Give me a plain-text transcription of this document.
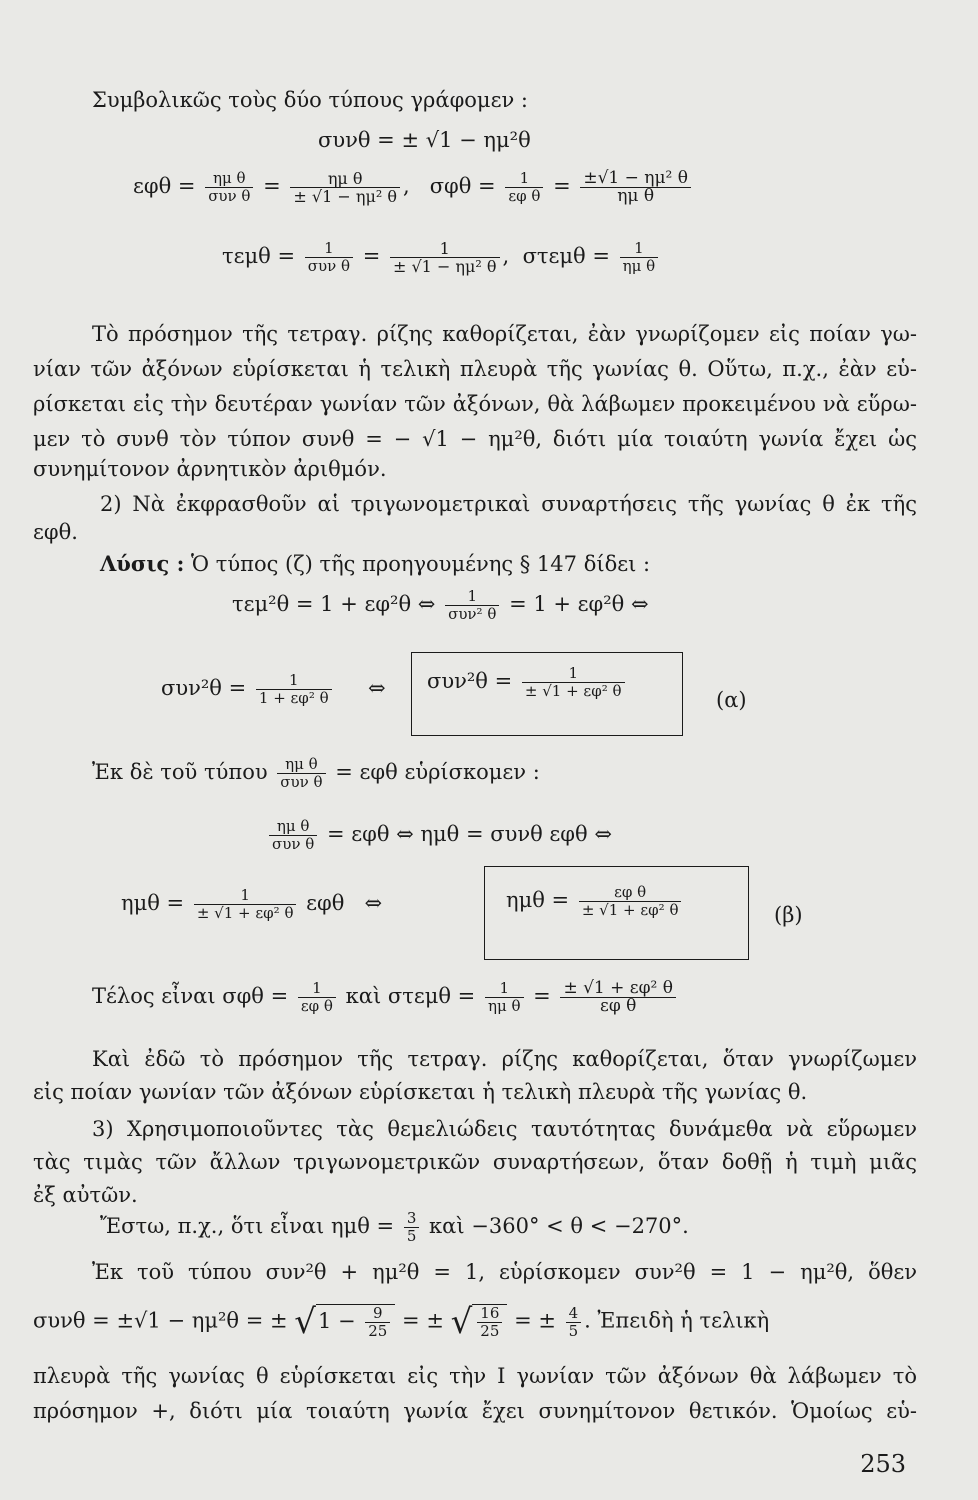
Συμβολικῶς τοὺς δύο τύπους γράφομεν :
συνθ = ± √1 − ημ²θ
$\varepsilon\varphi\theta = \frac{\text{ημ θ}}{\text{συν θ}} = \frac{\text{ημ θ}}{\text{± √1 − ημ² θ}}$ ,   $\sigma\varphi\theta = \frac{1}{\text{εφ θ}} = \frac{\text{±√1 − ημ² θ}}{\text{ημ θ}}$
$\tau\varepsilon\mu\theta = \frac{1}{\text{συν θ}} = \frac{1}{\text{± √1 − ημ² θ}}$ ,  $\sigma\tau\varepsilon\mu\theta = \frac{1}{\text{ημ θ}}$
Τὸ πρόσημον τῆς τετραγ. ρίζης καθορίζεται, ἐὰν γνωρίζομεν εἰς ποίαν γω-
νίαν τῶν ἀξόνων εὑρίσκεται ἡ τελικὴ πλευρὰ τῆς γωνίας θ. Οὕτω, π.χ., ἐὰν εὑ-
ρίσκεται εἰς τὴν δευτέραν γωνίαν τῶν ἀξόνων, θὰ λάβωμεν προκειμένου νὰ εὕρω-
μεν τὸ συνθ τὸν τύπον συνθ = − √1 − ημ²θ, διότι μία τοιαύτη γωνία ἔχει ὡς
συνημίτονον ἀρνητικὸν ἀριθμόν.
2) Νὰ ἐκφρασθοῦν αἱ τριγωνομετρικαὶ συναρτήσεις τῆς γωνίας θ ἐκ τῆς
εφθ.
Λύσις : Ὁ τύπος (ζ) τῆς προηγουμένης § 147 δίδει :
τεμ²θ = 1 + εφ²θ ⇔ $\frac{1}{\text{συν² θ}} = 1 + \varepsilon\varphi^2\theta$ ⇔
$\sigma\upsilon\nu^2\theta = \frac{1}{\text{1 + εφ² θ}}$ ⇔ $\sigma\upsilon\nu^2\theta = \frac{1}{\text{± √1 + εφ² θ}}$	(α)
Ἐκ δὲ τοῦ τύπου $\frac{\text{ημ θ}}{\text{συν θ}} = \varepsilon\varphi\theta$ εὑρίσκομεν :
$\frac{\text{ημ θ}}{\text{συν θ}} = \varepsilon\varphi\theta$ ⇔ ημθ = συνθ εφθ ⇔
$\eta\mu\theta = \frac{1}{\text{± √1 + εφ² θ}}$ εφθ ⇔	$\eta\mu\theta = \frac{\text{εφ θ}}{\text{± √1 + εφ² θ}}$	(β)
Τέλος εἶναι $\sigma\varphi\theta = \frac{1}{\text{εφ θ}}$ καὶ $\sigma\tau\varepsilon\mu\theta = \frac{1}{\text{ημ θ}} = \frac{\text{± √1 + εφ² θ}}{\text{εφ θ}}$
Καὶ ἐδῶ τὸ πρόσημον τῆς τετραγ. ρίζης καθορίζεται, ὅταν γνωρίζωμεν
εἰς ποίαν γωνίαν τῶν ἀξόνων εὑρίσκεται ἡ τελικὴ πλευρὰ τῆς γωνίας θ.
3) Χρησιμοποιοῦντες τὰς θεμελιώδεις ταυτότητας δυνάμεθα νὰ εὕρωμεν
τὰς τιμὰς τῶν ἄλλων τριγωνομετρικῶν συναρτήσεων, ὅταν δοθῇ ἡ τιμὴ μιᾶς
ἐξ αὐτῶν.
Ἔστω, π.χ., ὅτι εἶναι $\eta\mu\theta = \frac{3}{5}$ καὶ −360° < θ < −270°.
Ἐκ τοῦ τύπου συν²θ + ημ²θ = 1, εὑρίσκομεν συν²θ = 1 − ημ²θ, ὅθεν
συνθ = ±√1 − ημ²θ = ± $√1 - \frac{9}{25}$ = ± √ $\frac{16}{25}$ = ± $\frac{4}{5}$ . Ἐπειδὴ ἡ τελικὴ
πλευρὰ τῆς γωνίας θ εὑρίσκεται εἰς τὴν I γωνίαν τῶν ἀξόνων θὰ λάβωμεν τὸ
πρόσημον +, διότι μία τοιαύτη γωνία ἔχει συνημίτονον θετικόν. Ὁμοίως εὑ-
253
